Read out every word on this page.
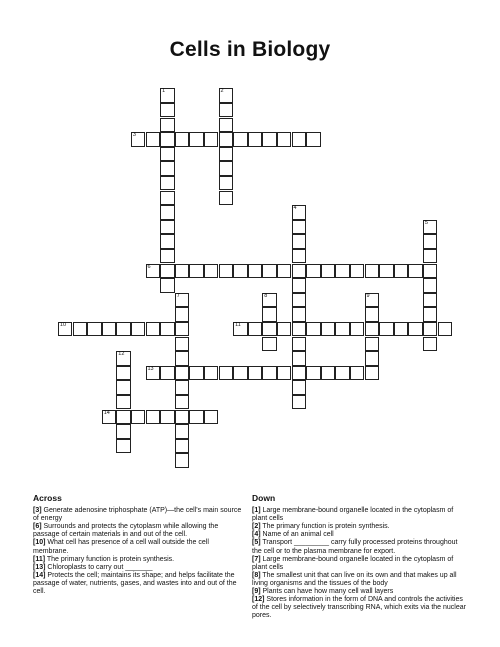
Cells in Biology
1	2
3
4
5
6
7	8	9
10	11
12
13
14
Across
[3] Generate adenosine triphosphate (ATP)—the cell's main source of energy
[6] Surrounds and protects the cytoplasm while allowing the passage of certain materials in and out of the cell.
[10] What cell has presence of a cell wall outside the cell membrane.
[11] The primary function is protein synthesis.
[13] Chloroplasts to carry out _______
[14] Protects the cell; maintains its shape; and helps facilitate the passage of water, nutrients, gases, and wastes into and out of the cell.
Down
[1] Large membrane-bound organelle located in the cytoplasm of plant cells
[2] The primary function is protein synthesis.
[4] Name of an animal cell
[5] Transport _________ carry fully processed proteins throughout the cell or to the plasma membrane for export.
[7] Large membrane-bound organelle located in the cytoplasm of plant cells
[8] The smallest unit that can live on its own and that makes up all living organisms and the tissues of the body
[9] Plants can have how many cell wall layers
[12] Stores information in the form of DNA and controls the activities of the cell by selectively transcribing RNA, which exits via the nuclear pores.
